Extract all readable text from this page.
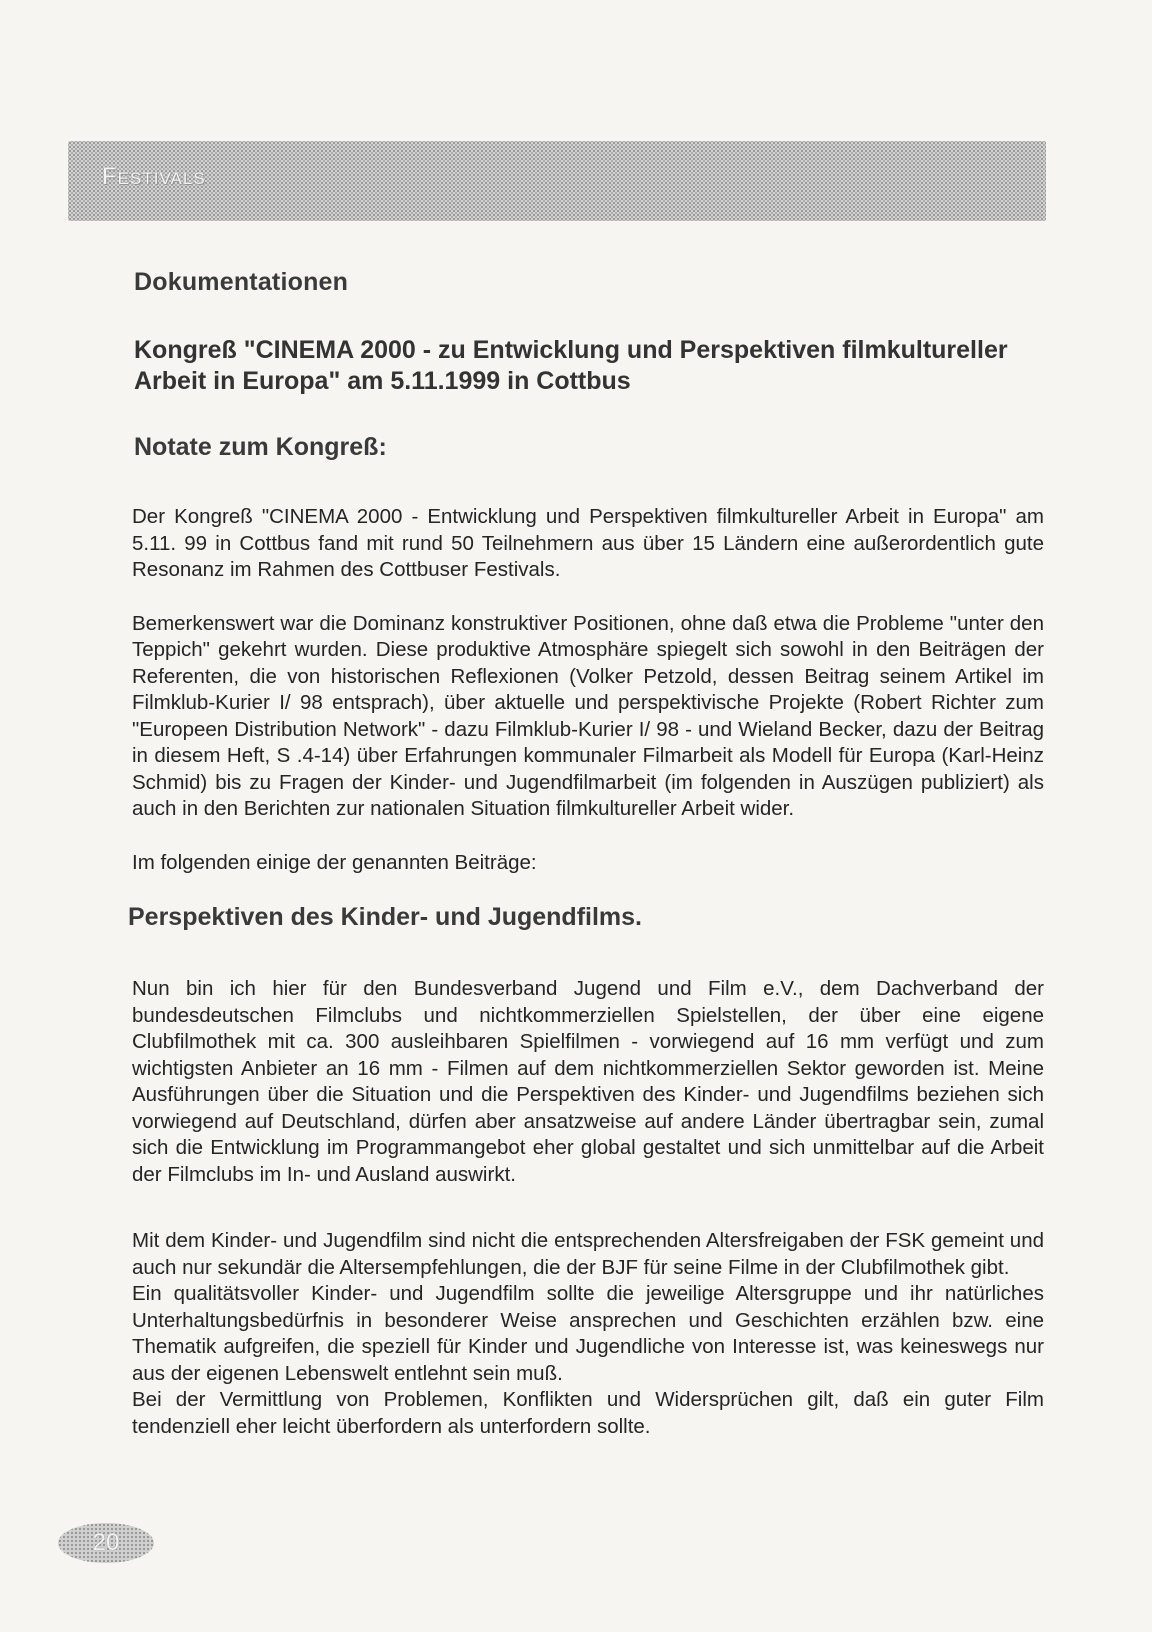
Festivals
Dokumentationen
Kongreß "CINEMA 2000 - zu Entwicklung und Perspektiven filmkultureller Arbeit in Europa" am 5.11.1999 in Cottbus
Notate zum Kongreß:

Der Kongreß "CINEMA 2000 - Entwicklung und Perspektiven filmkultureller Arbeit in Europa" am 5.11. 99 in Cottbus fand mit rund 50 Teilnehmern aus über 15 Ländern eine außerordentlich gute Resonanz im Rahmen des Cottbuser Festivals.

Bemerkenswert war die Dominanz konstruktiver Positionen, ohne daß etwa die Probleme "unter den Teppich" gekehrt wurden. Diese produktive Atmosphäre spiegelt sich sowohl in den Beiträgen der Referenten, die von historischen Reflexionen (Volker Petzold, dessen Beitrag seinem Artikel im Filmklub-Kurier I/ 98 entsprach), über aktuelle und perspektivische Projekte (Robert Richter zum "Europeen Distribution Network" - dazu Filmklub-Kurier I/ 98 - und Wieland Becker, dazu der Beitrag in diesem Heft, S .4-14) über Erfahrungen kommunaler Filmarbeit als Modell für Europa (Karl-Heinz Schmid) bis zu Fragen der Kinder- und Jugendfilmarbeit (im folgenden in Auszügen publiziert) als auch in den Berichten zur nationalen Situation filmkultureller Arbeit wider.

Im folgenden einige der genannten Beiträge:

Perspektiven des Kinder- und Jugendfilms.

Nun bin ich hier für den Bundesverband Jugend und Film e.V., dem Dachverband der bundesdeutschen Filmclubs und nichtkommerziellen Spielstellen, der über eine eigene Clubfilmothek mit ca. 300 ausleihbaren Spielfilmen - vorwiegend auf 16 mm verfügt und zum wichtigsten Anbieter an 16 mm - Filmen auf dem nichtkommerziellen Sektor geworden ist. Meine Ausführungen über die Situation und die Perspektiven des Kinder- und Jugendfilms beziehen sich vorwiegend auf Deutschland, dürfen aber ansatzweise auf andere Länder übertragbar sein, zumal sich die Entwicklung im Programmangebot eher global gestaltet und sich unmittelbar auf die Arbeit der Filmclubs im In- und Ausland auswirkt.

Mit dem Kinder- und Jugendfilm sind nicht die entsprechenden Altersfreigaben der FSK gemeint und auch nur sekundär die Altersempfehlungen, die der BJF für seine Filme in der Clubfilmothek gibt.

Ein qualitätsvoller Kinder- und Jugendfilm sollte die jeweilige Altersgruppe und ihr natürliches Unterhaltungsbedürfnis in besonderer Weise ansprechen und Geschichten erzählen bzw. eine Thematik aufgreifen, die speziell für Kinder und Jugendliche von Interesse ist, was keineswegs nur aus der eigenen Lebenswelt entlehnt sein muß.

Bei der Vermittlung von Problemen, Konflikten und Widersprüchen gilt, daß ein guter Film tendenziell eher leicht überfordern als unterfordern sollte.

20
